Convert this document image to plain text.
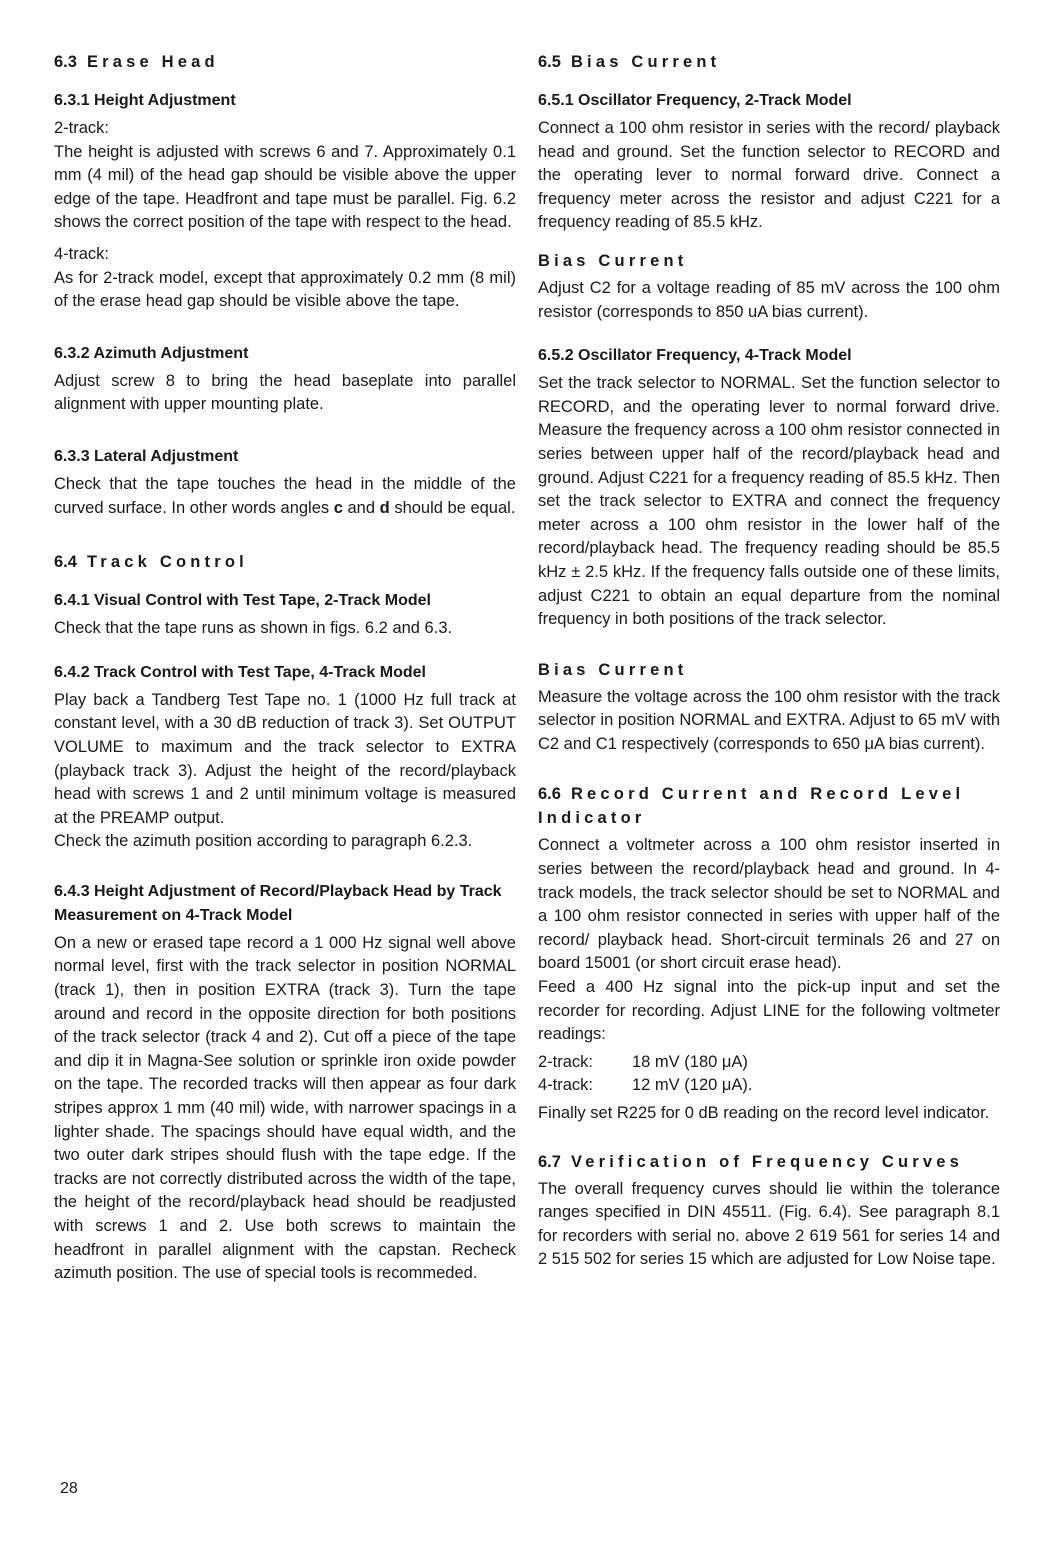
6.3 Erase Head
6.3.1 Height Adjustment

2-track:

The height is adjusted with screws 6 and 7. Approximately 0.1 mm (4 mil) of the head gap should be visible above the upper edge of the tape. Headfront and tape must be parallel. Fig. 6.2 shows the correct position of the tape with respect to the head.

4-track:

As for 2-track model, except that approximately 0.2 mm (8 mil) of the erase head gap should be visible above the tape.

6.3.2 Azimuth Adjustment

Adjust screw 8 to bring the head baseplate into parallel alignment with upper mounting plate.

6.3.3 Lateral Adjustment

Check that the tape touches the head in the middle of the curved surface. In other words angles c and d should be equal.

6.4 Track Control
6.4.1 Visual Control with Test Tape, 2-Track Model

Check that the tape runs as shown in figs. 6.2 and 6.3.

6.4.2 Track Control with Test Tape, 4-Track Model

Play back a Tandberg Test Tape no. 1 (1000 Hz full track at constant level, with a 30 dB reduction of track 3). Set OUTPUT VOLUME to maximum and the track selector to EXTRA (playback track 3). Adjust the height of the record/playback head with screws 1 and 2 until minimum voltage is measured at the PREAMP output.

Check the azimuth position according to paragraph 6.2.3.

6.4.3 Height Adjustment of Record/Playback Head by Track Measurement on 4-Track Model

On a new or erased tape record a 1 000 Hz signal well above normal level, first with the track selector in position NORMAL (track 1), then in position EXTRA (track 3). Turn the tape around and record in the opposite direction for both positions of the track selector (track 4 and 2). Cut off a piece of the tape and dip it in Magna-See solution or sprinkle iron oxide powder on the tape. The recorded tracks will then appear as four dark stripes approx 1 mm (40 mil) wide, with narrower spacings in a lighter shade. The spacings should have equal width, and the two outer dark stripes should flush with the tape edge. If the tracks are not correctly distributed across the width of the tape, the height of the record/playback head should be readjusted with screws 1 and 2. Use both screws to maintain the headfront in parallel alignment with the capstan. Recheck azimuth position. The use of special tools is recommeded.

6.5 Bias Current
6.5.1 Oscillator Frequency, 2-Track Model

Connect a 100 ohm resistor in series with the record/ playback head and ground. Set the function selector to RECORD and the operating lever to normal forward drive. Connect a frequency meter across the resistor and adjust C221 for a frequency reading of 85.5 kHz.

Bias Current

Adjust C2 for a voltage reading of 85 mV across the 100 ohm resistor (corresponds to 850 uA bias current).

6.5.2 Oscillator Frequency, 4-Track Model

Set the track selector to NORMAL. Set the function selector to RECORD, and the operating lever to normal forward drive. Measure the frequency across a 100 ohm resistor connected in series between upper half of the record/playback head and ground. Adjust C221 for a frequency reading of 85.5 kHz. Then set the track selector to EXTRA and connect the frequency meter across a 100 ohm resistor in the lower half of the record/playback head. The frequency reading should be 85.5 kHz ± 2.5 kHz. If the frequency falls outside one of these limits, adjust C221 to obtain an equal departure from the nominal frequency in both positions of the track selector.

Bias Current

Measure the voltage across the 100 ohm resistor with the track selector in position NORMAL and EXTRA. Adjust to 65 mV with C2 and C1 respectively (corresponds to 650 μA bias current).

6.6 Record Current and Record Level Indicator

Connect a voltmeter across a 100 ohm resistor inserted in series between the record/playback head and ground. In 4-track models, the track selector should be set to NORMAL and a 100 ohm resistor connected in series with upper half of the record/ playback head. Short-circuit terminals 26 and 27 on board 15001 (or short circuit erase head).

Feed a 400 Hz signal into the pick-up input and set the recorder for recording. Adjust LINE for the following voltmeter readings:

2-track:	18 mV (180 μA)
4-track:	12 mV (120 μA).

Finally set R225 for 0 dB reading on the record level indicator.

6.7 Verification of Frequency Curves

The overall frequency curves should lie within the tolerance ranges specified in DIN 45511. (Fig. 6.4). See paragraph 8.1 for recorders with serial no. above 2 619 561 for series 14 and 2 515 502 for series 15 which are adjusted for Low Noise tape.

28
